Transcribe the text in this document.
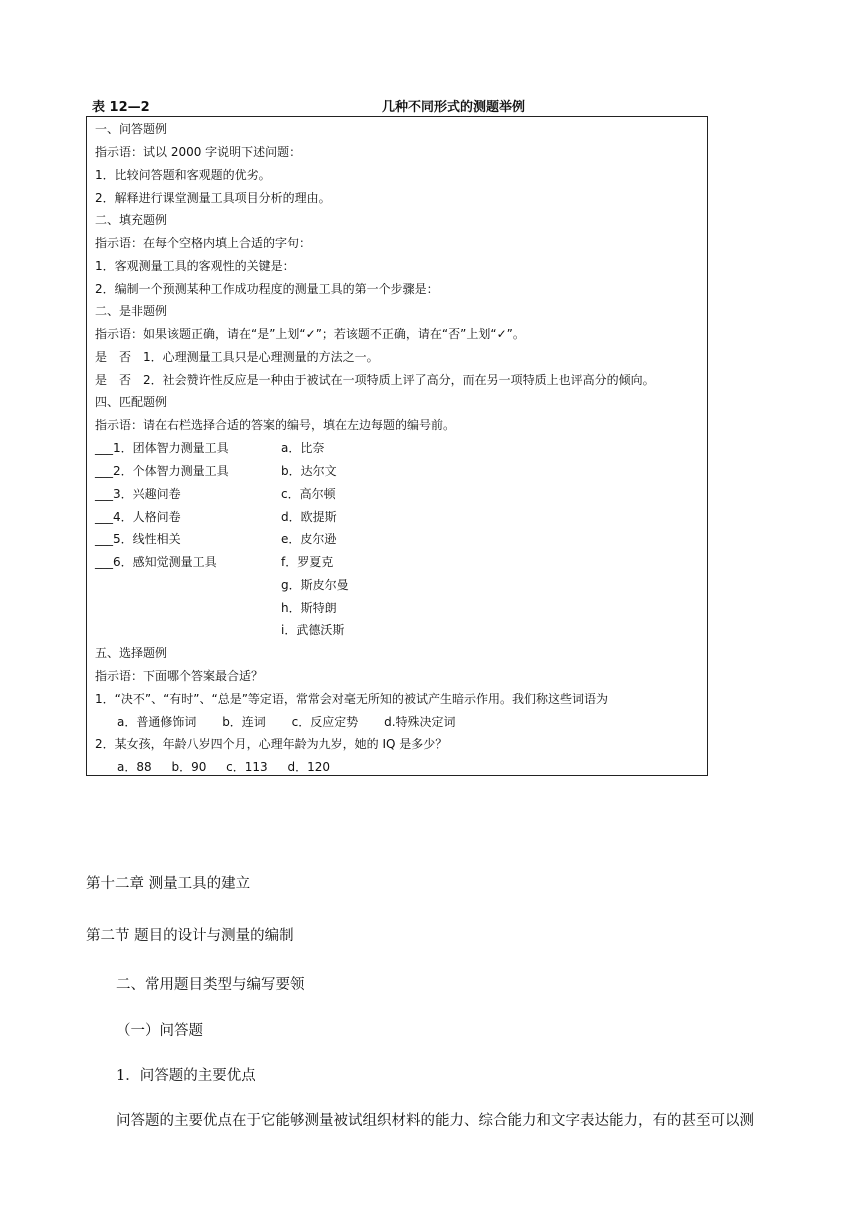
表 12—2	几种不同形式的测题举例
一、问答题例
指示语：试以 2000 字说明下述问题：
1．比较问答题和客观题的优劣。
2．解释进行课堂测量工具项目分析的理由。
二、填充题例
指示语：在每个空格内填上合适的字句：
1．客观测量工具的客观性的关键是：
2．编制一个预测某种工作成功程度的测量工具的第一个步骤是：
二、是非题例
指示语：如果该题正确，请在“是”上划“✓”；若该题不正确，请在“否”上划“✓”。
是　否　1．心理测量工具只是心理测量的方法之一。
是　否　2．社会赞许性反应是一种由于被试在一项特质上评了高分，而在另一项特质上也评高分的倾向。
四、匹配题例
指示语：请在右栏选择合适的答案的编号，填在左边每题的编号前。
___1．团体智力测量工具
___2．个体智力测量工具
___3．兴趣问卷
___4．人格问卷
___5．线性相关
___6．感知觉测量工具
a．比奈
b．达尔文
c．高尔顿
d．欧提斯
e．皮尔逊
f．罗夏克
g．斯皮尔曼
h．斯特朗
i．武德沃斯
五、选择题例
指示语：下面哪个答案最合适？
1．“决不”、“有时”、“总是”等定语，常常会对毫无所知的被试产生暗示作用。我们称这些词语为
a．普通修饰词 b．连词 c．反应定势 d.特殊决定词
2．某女孩，年龄八岁四个月，心理年龄为九岁，她的 IQ 是多少？
a．88 b．90 c．113 d．120
第十二章 测量工具的建立
第二节 题目的设计与测量的编制
二、常用题目类型与编写要领
（一）问答题
1．问答题的主要优点
问答题的主要优点在于它能够测量被试组织材料的能力、综合能力和文字表达能力，有的甚至可以测
